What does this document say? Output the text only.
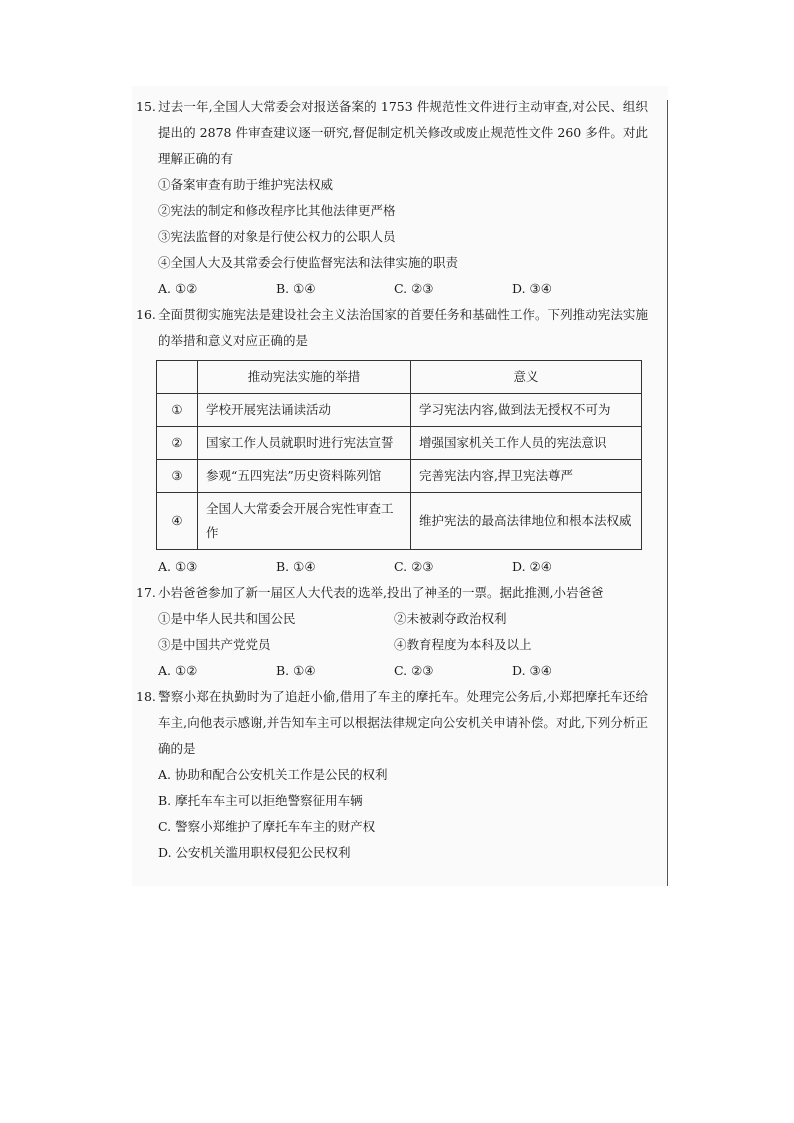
15. 过去一年,全国人大常委会对报送备案的 1753 件规范性文件进行主动审查,对公民、组织提出的 2878 件审查建议逐一研究,督促制定机关修改或废止规范性文件 260 多件。对此理解正确的有
①备案审查有助于维护宪法权威
②宪法的制定和修改程序比其他法律更严格
③宪法监督的对象是行使公权力的公职人员
④全国人大及其常委会行使监督宪法和法律实施的职责
A. ①②	B. ①④	C. ②③	D. ③④
16. 全面贯彻实施宪法是建设社会主义法治国家的首要任务和基础性工作。下列推动宪法实施的举措和意义对应正确的是
	推动宪法实施的举措	意义
①	学校开展宪法诵读活动	学习宪法内容,做到法无授权不可为
②	国家工作人员就职时进行宪法宣誓	增强国家机关工作人员的宪法意识
③	参观“五四宪法”历史资料陈列馆	完善宪法内容,捍卫宪法尊严
④	全国人大常委会开展合宪性审查工作	维护宪法的最高法律地位和根本法权威
A. ①③	B. ①④	C. ②③	D. ②④
17. 小岩爸爸参加了新一届区人大代表的选举,投出了神圣的一票。据此推测,小岩爸爸
①是中华人民共和国公民	②未被剥夺政治权利
③是中国共产党党员	④教育程度为本科及以上
A. ①②	B. ①④	C. ②③	D. ③④
18. 警察小郑在执勤时为了追赶小偷,借用了车主的摩托车。处理完公务后,小郑把摩托车还给车主,向他表示感谢,并告知车主可以根据法律规定向公安机关申请补偿。对此,下列分析正确的是
A. 协助和配合公安机关工作是公民的权利
B. 摩托车车主可以拒绝警察征用车辆
C. 警察小郑维护了摩托车车主的财产权
D. 公安机关滥用职权侵犯公民权利
